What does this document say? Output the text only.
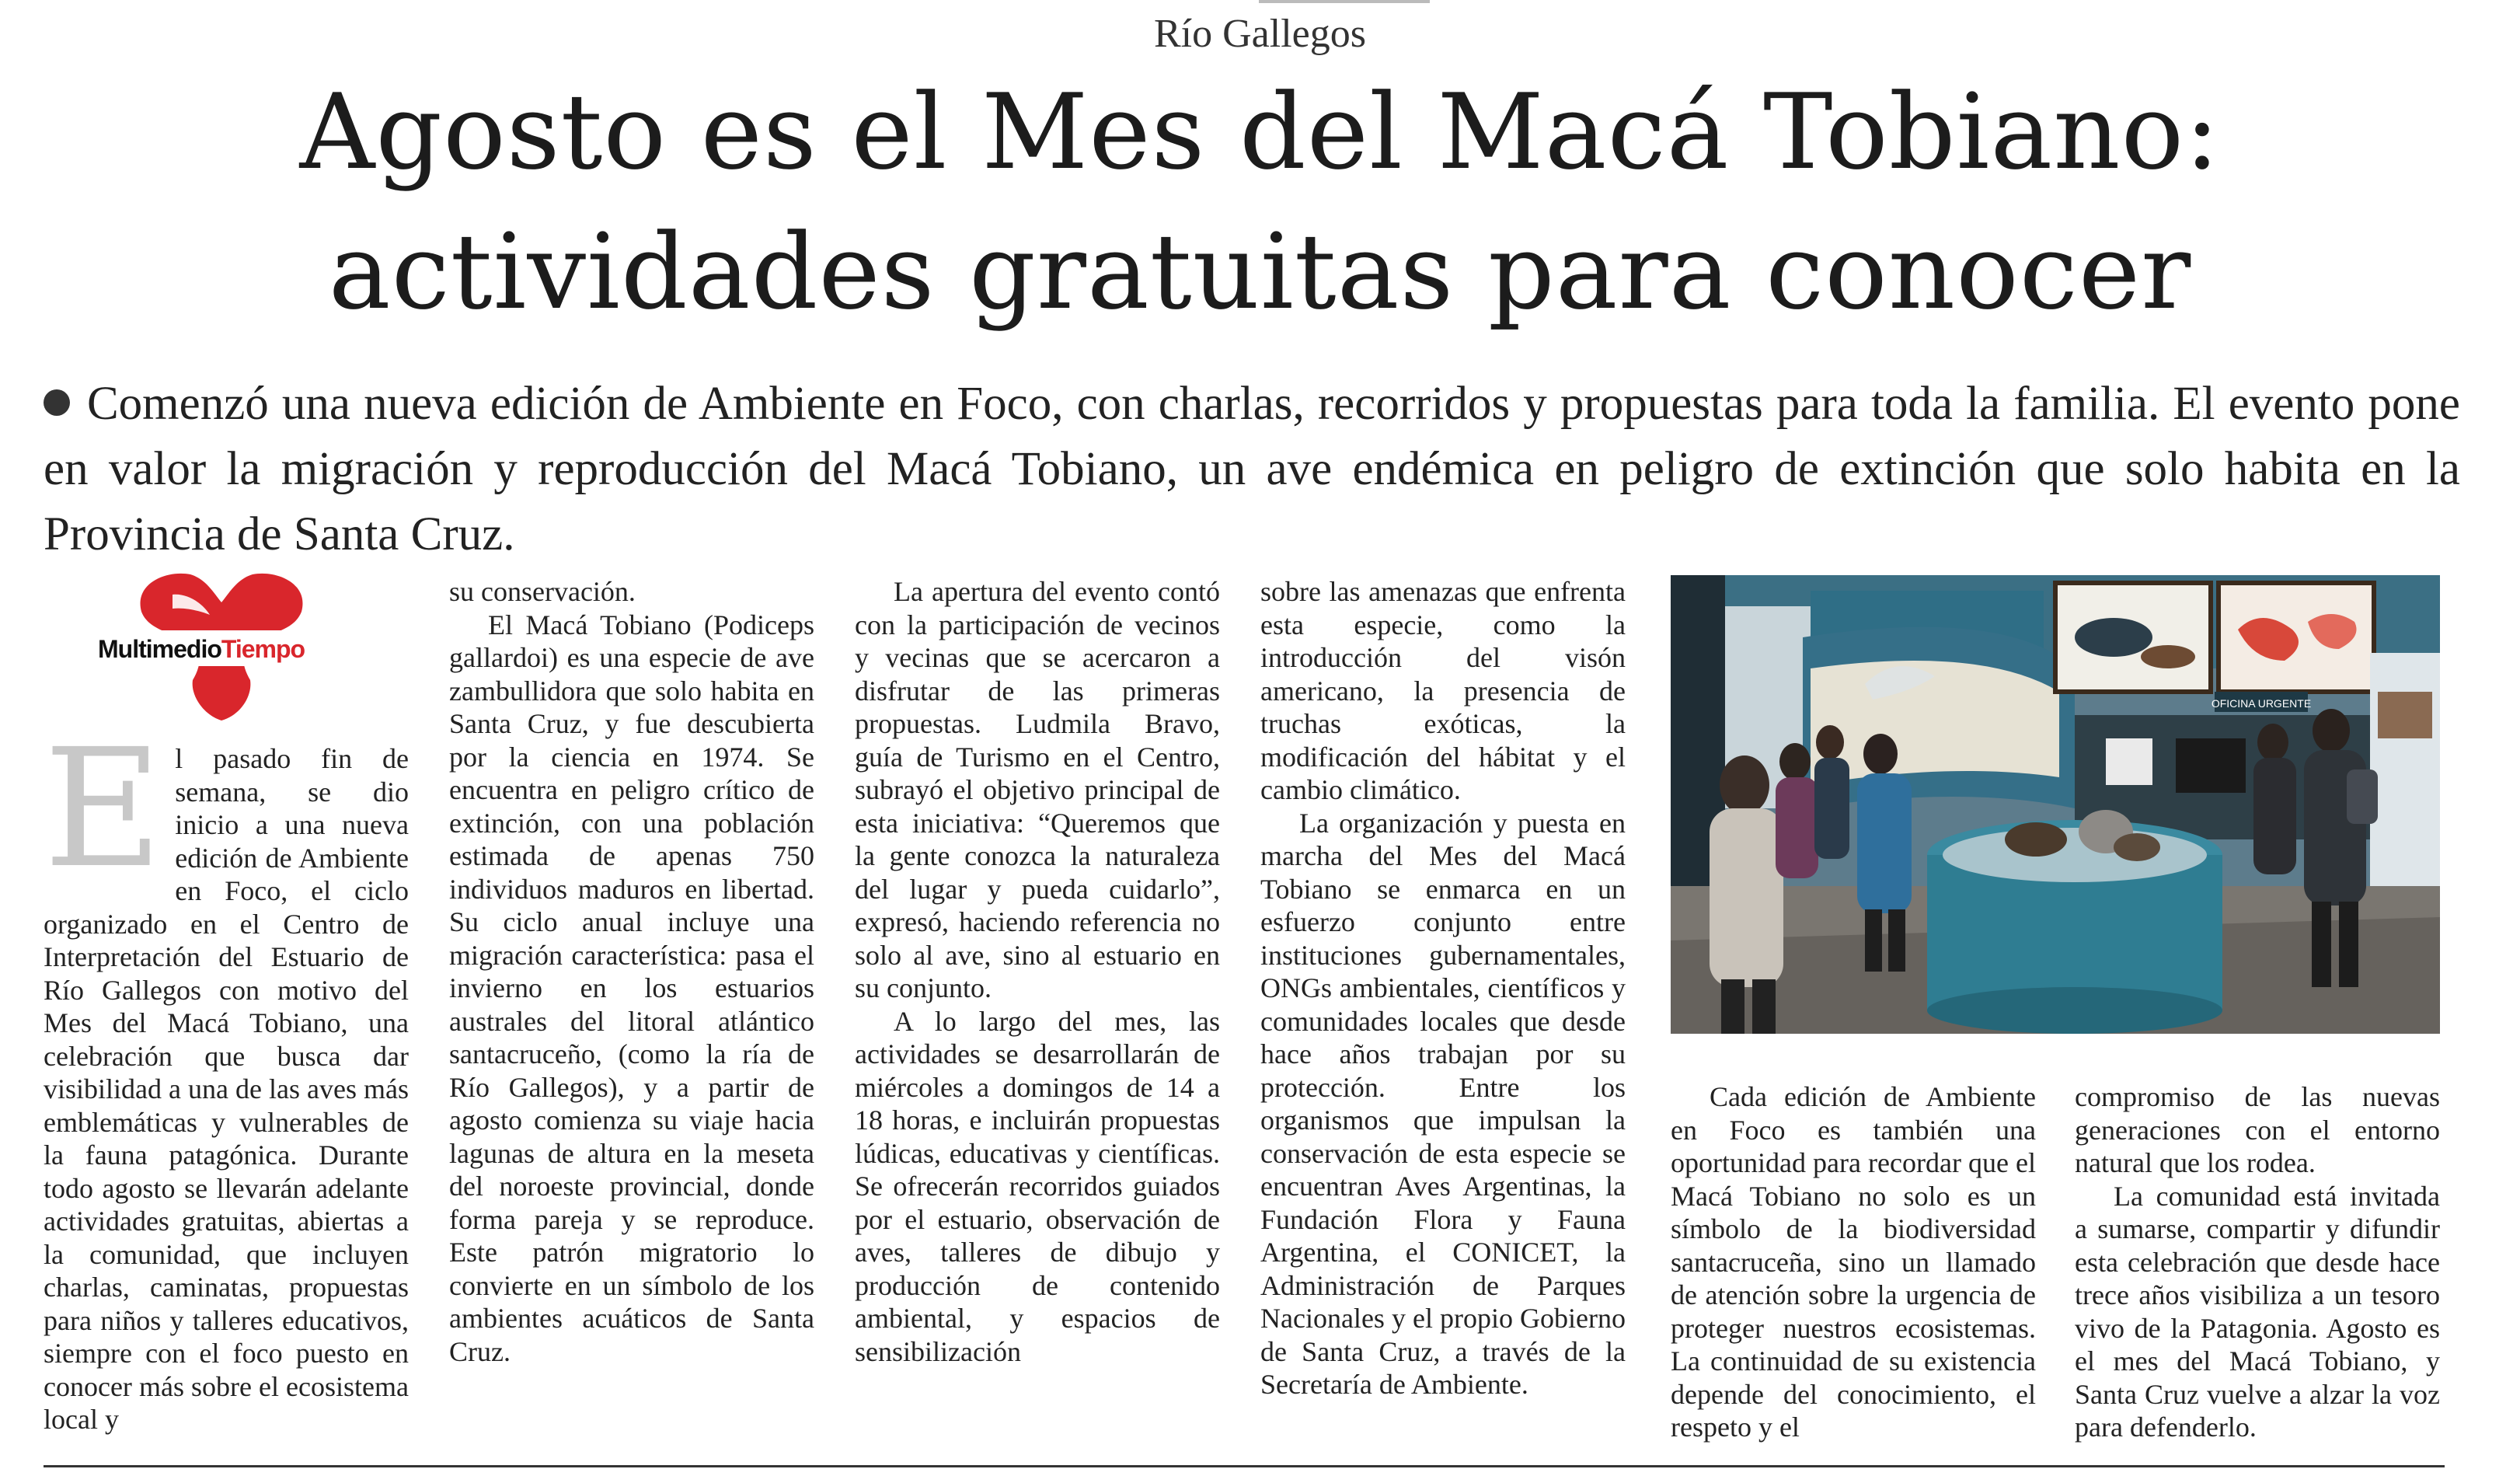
Río Gallegos
Agosto es el Mes del Macá Tobiano:
actividades gratuitas para conocer

Comenzó una nueva edición de Ambiente en Foco, con charlas, recorridos y propuestas para toda la familia. El evento pone en valor la migración y reproducción del Macá Tobiano, un ave endémica en peligro de extinción que solo habita en la Provincia de Santa Cruz.

MultimedioTiempo
E l pasado fin de semana, se dio inicio a una nueva edición de Ambiente en Foco, el ciclo organizado en el Centro de Interpretación del Estuario de Río Gallegos con motivo del Mes del Macá Tobiano, una celebración que busca dar visibilidad a una de las aves más emblemáticas y vulnerables de la fauna patagónica. Durante todo agosto se llevarán adelante actividades gratuitas, abiertas a la comunidad, que incluyen charlas, caminatas, propuestas para niños y talleres educativos, siempre con el foco puesto en conocer más sobre el ecosistema local y

su conservación.

El Macá Tobiano (Podiceps gallardoi) es una especie de ave zambullidora que solo habita en Santa Cruz, y fue descubierta por la ciencia en 1974. Se encuentra en peligro crítico de extinción, con una población estimada de apenas 750 individuos maduros en libertad. Su ciclo anual incluye una migración característica: pasa el invierno en los estuarios australes del litoral atlántico santacruceño, (como la ría de Río Gallegos), y a partir de agosto comienza su viaje hacia lagunas de altura en la meseta del noroeste provincial, donde forma pareja y se reproduce. Este patrón migratorio lo convierte en un símbolo de los ambientes acuáticos de Santa Cruz.

La apertura del evento contó con la participación de vecinos y vecinas que se acercaron a disfrutar de las primeras propuestas. Ludmila Bravo, guía de Turismo en el Centro, subrayó el objetivo principal de esta iniciativa: “Queremos que la gente conozca la naturaleza del lugar y pueda cuidarlo”, expresó, haciendo referencia no solo al ave, sino al estuario en su conjunto.

A lo largo del mes, las actividades se desarrollarán de miércoles a domingos de 14 a 18 horas, e incluirán propuestas lúdicas, educativas y científicas. Se ofrecerán recorridos guiados por el estuario, observación de aves, talleres de dibujo y producción de contenido ambiental, y espacios de sensibilización

sobre las amenazas que enfrenta esta especie, como la introducción del visón americano, la presencia de truchas exóticas, la modificación del hábitat y el cambio climático.

La organización y puesta en marcha del Mes del Macá Tobiano se enmarca en un esfuerzo conjunto entre instituciones gubernamentales, ONGs ambientales, científicos y comunidades locales que desde hace años trabajan por su protección. Entre los organismos que impulsan la conservación de esta especie se encuentran Aves Argentinas, la Fundación Flora y Fauna Argentina, el CONICET, la Administración de Parques Nacionales y el propio Gobierno de Santa Cruz, a través de la Secretaría de Ambiente.

OFICINA URGENTE

Cada edición de Ambiente en Foco es también una oportunidad para recordar que el Macá Tobiano no solo es un símbolo de la biodiversidad santacruceña, sino un llamado de atención sobre la urgencia de proteger nuestros ecosistemas. La continuidad de su existencia depende del conocimiento, el respeto y el

compromiso de las nuevas generaciones con el entorno natural que los rodea.

La comunidad está invitada a sumarse, compartir y difundir esta celebración que desde hace trece años visibiliza a un tesoro vivo de la Patagonia. Agosto es el mes del Macá Tobiano, y Santa Cruz vuelve a alzar la voz para defenderlo.
